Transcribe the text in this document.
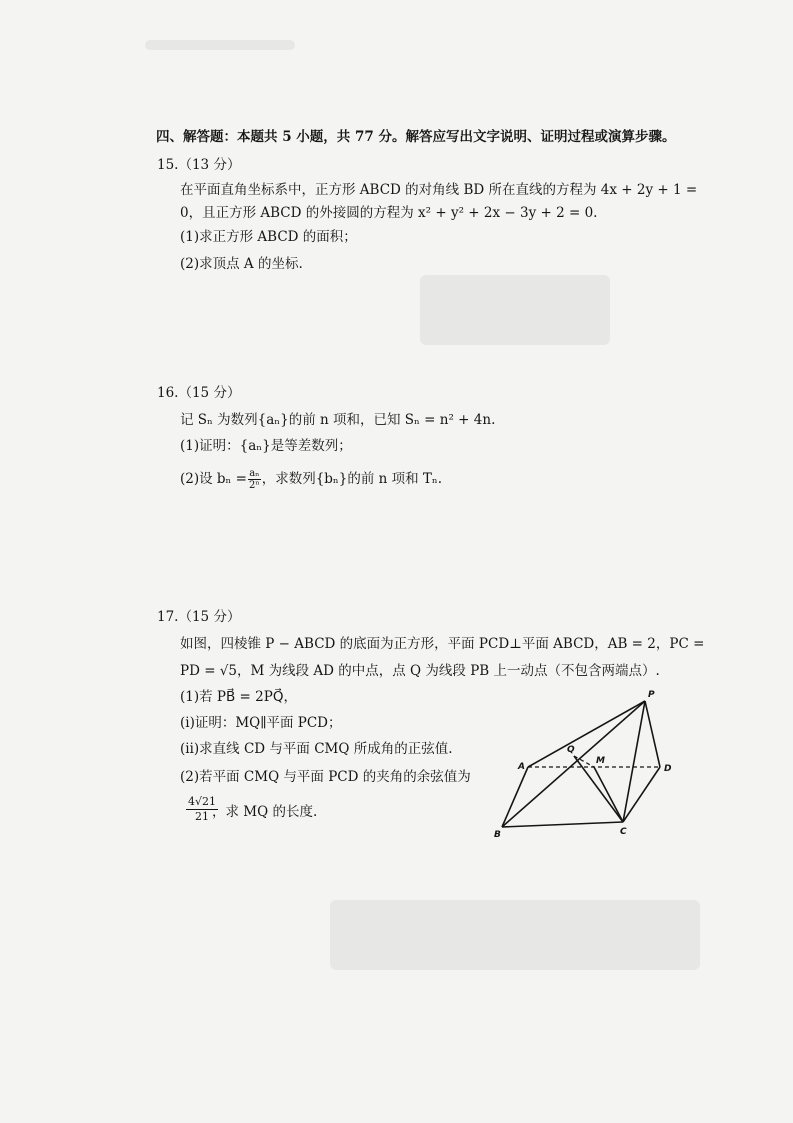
四、解答题：本题共 5 小题，共 77 分。解答应写出文字说明、证明过程或演算步骤。
15.（13 分）
在平面直角坐标系中，正方形 ABCD 的对角线 BD 所在直线的方程为 4x + 2y + 1 =
0，且正方形 ABCD 的外接圆的方程为 x² + y² + 2x − 3y + 2 = 0.
(1)求正方形 ABCD 的面积；
(2)求顶点 A 的坐标.
16.（15 分）
记 Sₙ 为数列{aₙ}的前 n 项和，已知 Sₙ = n² + 4n.
(1)证明：{aₙ}是等差数列；
(2)设 $b_n = \frac{\text{aₙ}}{\text{2ⁿ}}$ ，求数列{bₙ}的前 n 项和 Tₙ.
17.（15 分）
如图，四棱锥 P − ABCD 的底面为正方形，平面 PCD⊥平面 ABCD，AB = 2，PC =
PD = √5，M 为线段 AD 的中点，点 Q 为线段 PB 上一动点（不包含两端点）.
(1)若 PB⃗ = 2PQ⃗，
(ⅰ)证明：MQ∥平面 PCD；
(ⅱ)求直线 CD 与平面 CMQ 所成角的正弦值.
(2)若平面 CMQ 与平面 PCD 的夹角的余弦值为
$\frac{4√21}{21}$
，求 MQ 的长度.
P
A
B	C
D
Q
M
